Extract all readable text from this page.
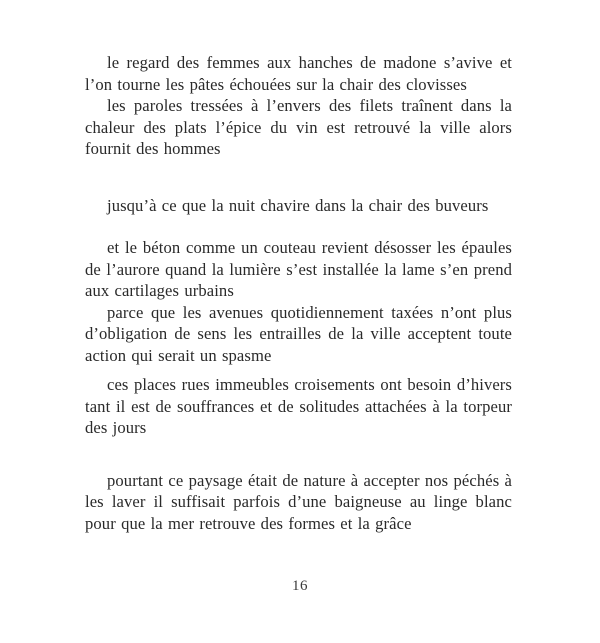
le regard des femmes aux hanches de madone s’avive et l’on tourne les pâtes échouées sur la chair des clovisses

les paroles tressées à l’envers des filets traînent dans la chaleur des plats l’épice du vin est retrouvé la ville alors fournit des hommes

jusqu’à ce que la nuit chavire dans la chair des buveurs

et le béton comme un couteau revient désosser les épaules de l’aurore quand la lumière s’est installée la lame s’en prend aux cartilages urbains

parce que les avenues quotidiennement taxées n’ont plus d’obligation de sens les entrailles de la ville acceptent toute action qui serait un spasme

ces places rues immeubles croisements ont besoin d’hivers tant il est de souffrances et de solitudes attachées à la torpeur des jours

pourtant ce paysage était de nature à accepter nos péchés à les laver il suffisait parfois d’une baigneuse au linge blanc pour que la mer retrouve des formes et la grâce

16
